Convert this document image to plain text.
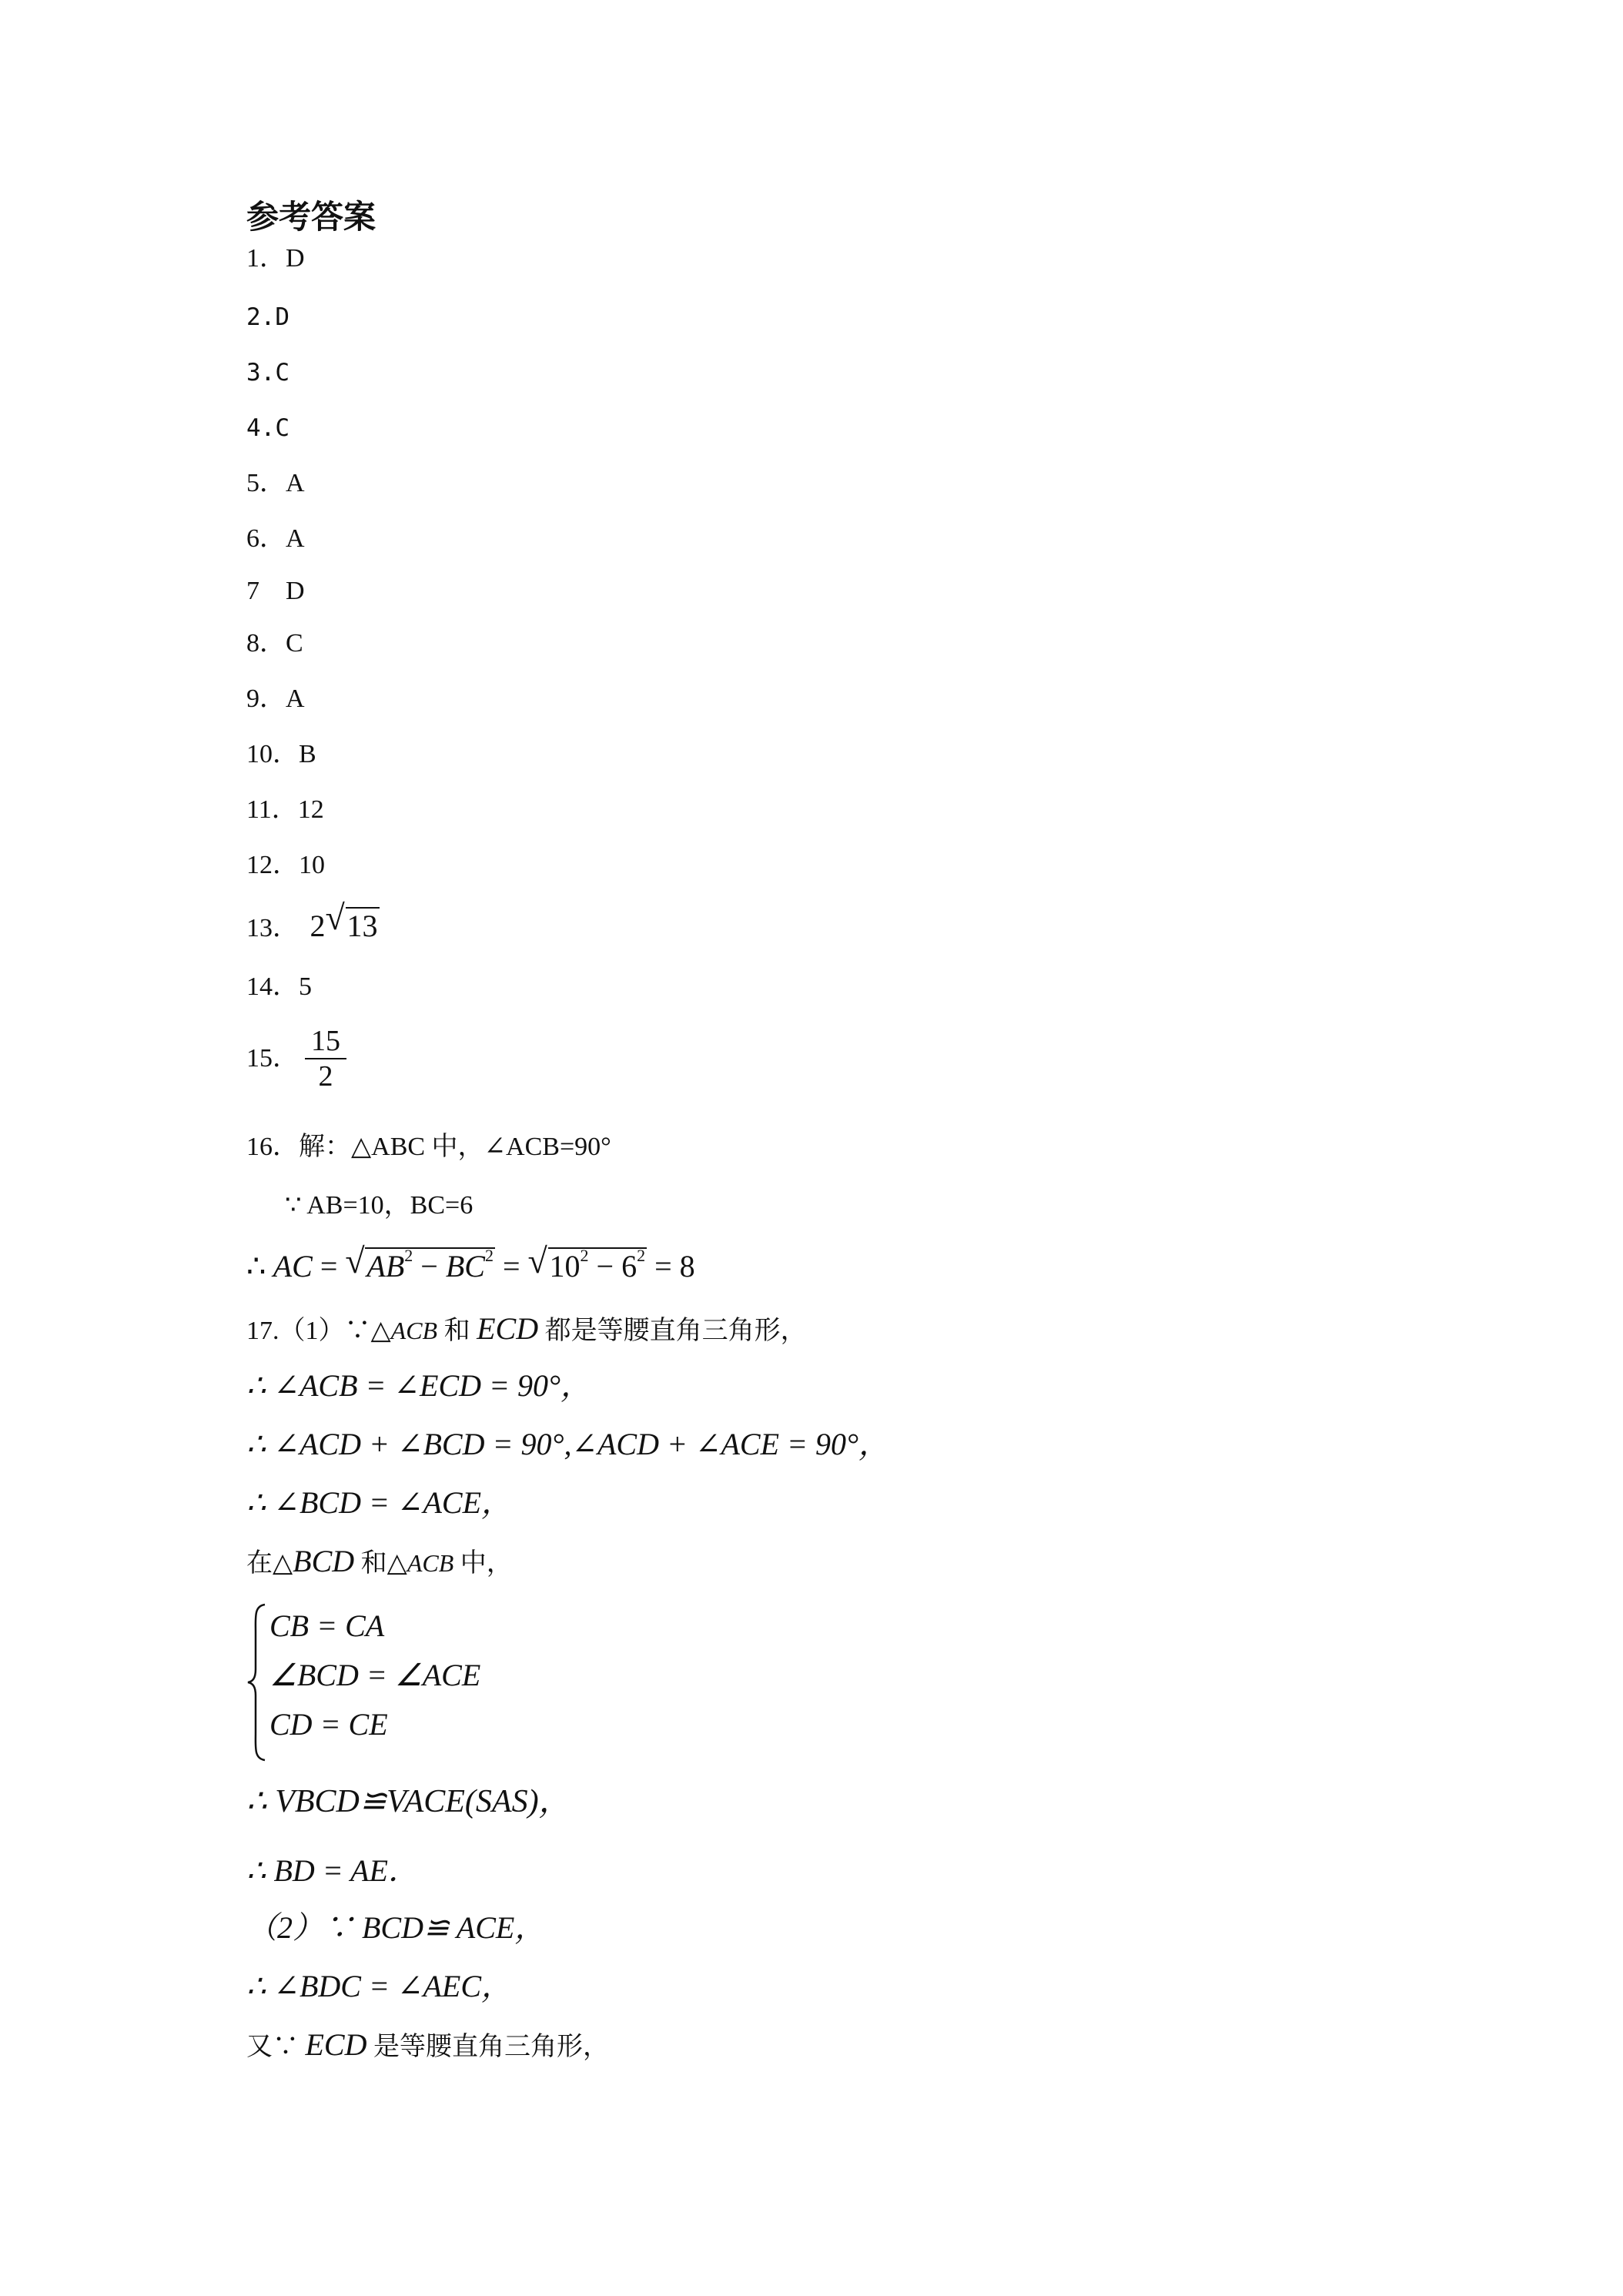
参考答案
1．D
2.D
3.C
4.C
5．A
6．A
7　D
8．C
9．A
10．B
11．12
12．10
13． 2 √ 13
14．5
15． $\frac{15}{2}$
16．解：△ABC 中，∠ACB=90°
∵ AB=10，BC=6
∴ AC = √ $AB^2 - BC^2$ = √ $10^2 - 6^2 = 8$
17.（1）∵△ACB 和 ECD 都是等腰直角三角形，
∴ ∠ACB = ∠ECD = 90°，
∴ ∠ACD + ∠BCD = 90°,∠ACD + ∠ACE = 90°，
∴ ∠BCD = ∠ACE，
在△BCD 和△ACB 中，
CB = CA
∠BCD = ∠ACE
CD = CE
∴ VBCD≌VACE(SAS)，
∴ BD = AE．
（2）∵ BCD≌ ACE，
∴ ∠BDC = ∠AEC，
又∵ ECD 是等腰直角三角形，
